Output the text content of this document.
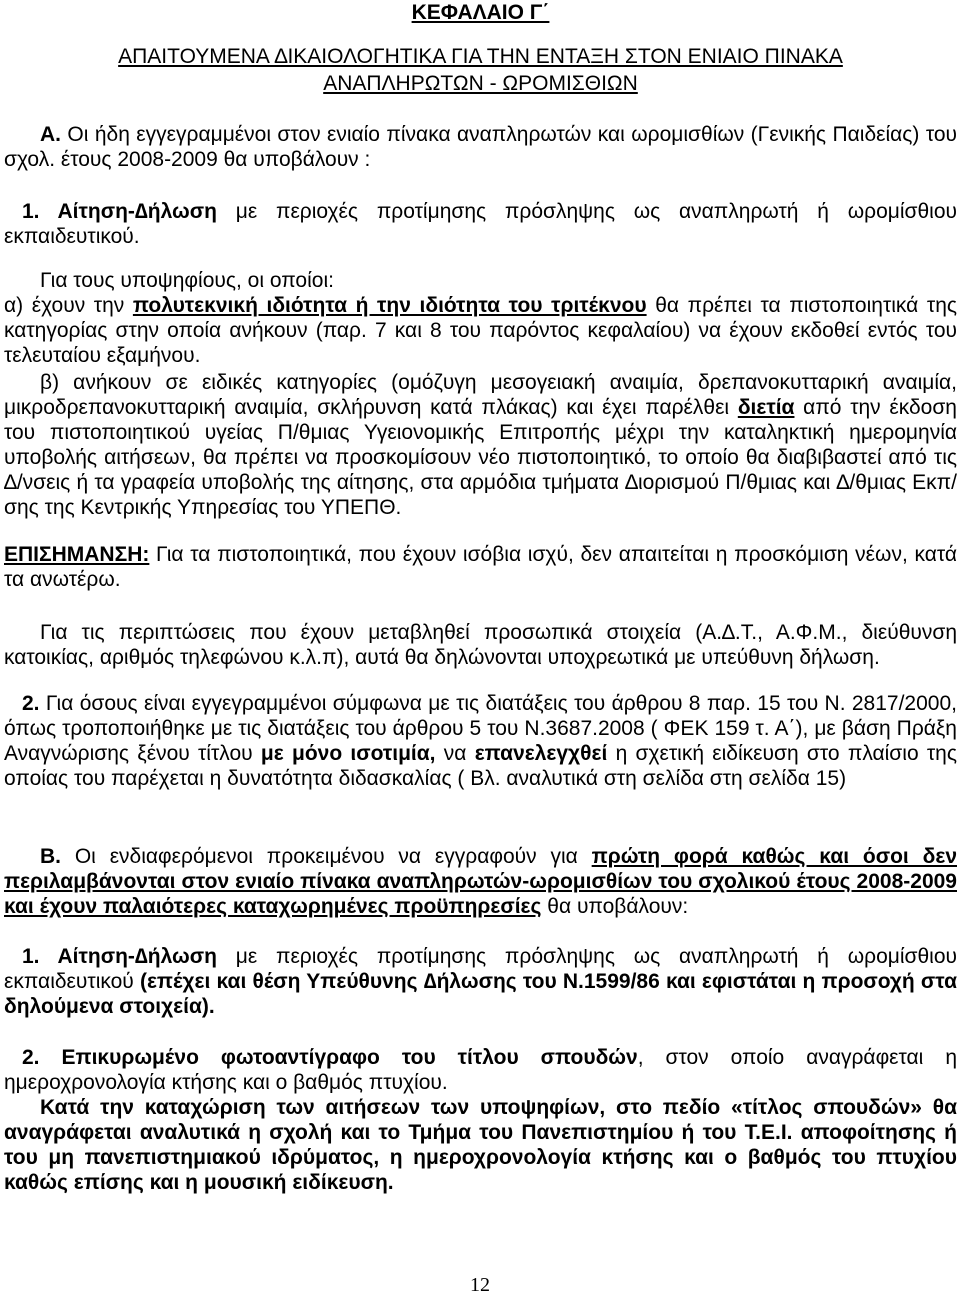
ΚΕΦΑΛΑΙΟ Γ΄

ΑΠΑΙΤΟΥΜΕΝΑ ∆ΙΚΑΙΟΛΟΓΗΤΙΚΑ ΓΙΑ ΤΗΝ ΕΝΤΑΞΗ ΣΤΟΝ ΕΝΙΑΙΟ ΠΙΝΑΚΑ
ΑΝΑΠΛΗΡΩΤΩΝ - ΩΡΟΜΙΣΘΙΩΝ

Α. Οι ήδη εγγεγραμμένοι στον ενιαίο πίνακα αναπληρωτών και ωρομισθίων (Γενικής Παιδείας) του σχολ. έτους 2008-2009 θα υποβάλουν :

1. Αίτηση-∆ήλωση με περιοχές προτίμησης πρόσληψης ως αναπληρωτή ή ωρομίσθιου εκπαιδευτικού.

Για τους υποψηφίους, οι οποίοι:

α) έχουν την πολυτεκνική ιδιότητα ή την ιδιότητα του τριτέκνου θα πρέπει τα πιστοποιητικά της κατηγορίας στην οποία ανήκουν (παρ. 7 και 8 του παρόντος κεφαλαίου) να έχουν εκδοθεί εντός του τελευταίου εξαμήνου.

β) ανήκουν σε ειδικές κατηγορίες (ομόζυγη μεσογειακή αναιμία, δρεπανοκυτταρική αναιμία, μικροδρεπανοκυτταρική αναιμία, σκλήρυνση κατά πλάκας) και έχει παρέλθει διετία από την έκδοση του πιστοποιητικού υγείας Π/θμιας Υγειονομικής Επιτροπής μέχρι την καταληκτική ημερομηνία υποβολής αιτήσεων, θα πρέπει να προσκομίσουν νέο πιστοποιητικό, το οποίο θα διαβιβαστεί από τις ∆/νσεις ή τα γραφεία υποβολής της αίτησης, στα αρμόδια τμήματα ∆ιορισμού Π/θμιας και ∆/θμιας Εκπ/σης της Κεντρικής Υπηρεσίας του ΥΠΕΠΘ.

ΕΠΙΣΗΜΑΝΣΗ: Για τα πιστοποιητικά, που έχουν ισόβια ισχύ, δεν απαιτείται η προσκόμιση νέων, κατά τα ανωτέρω.

Για τις περιπτώσεις που έχουν μεταβληθεί προσωπικά στοιχεία (Α.∆.Τ., Α.Φ.Μ., διεύθυνση κατοικίας, αριθμός τηλεφώνου κ.λ.π), αυτά θα δηλώνονται υποχρεωτικά με υπεύθυνη δήλωση.

2. Για όσους είναι εγγεγραμμένοι σύμφωνα με τις διατάξεις του άρθρου 8 παρ. 15 του Ν. 2817/2000, όπως τροποποιήθηκε με τις διατάξεις του άρθρου 5 του Ν.3687.2008 ( ΦΕΚ 159 τ. Α΄), με βάση Πράξη Αναγνώρισης ξένου τίτλου με μόνο ισοτιμία, να επανελεγχθεί η σχετική ειδίκευση στο πλαίσιο της οποίας του παρέχεται η δυνατότητα διδασκαλίας ( Βλ. αναλυτικά στη σελίδα στη σελίδα 15)

Β. Οι ενδιαφερόμενοι προκειμένου να εγγραφούν για πρώτη φορά καθώς και όσοι δεν περιλαμβάνονται στον ενιαίο πίνακα αναπληρωτών-ωρομισθίων του σχολικού έτους 2008-2009 και έχουν παλαιότερες καταχωρημένες προϋπηρεσίες θα υποβάλουν:

1. Αίτηση-∆ήλωση με περιοχές προτίμησης πρόσληψης ως αναπληρωτή ή ωρομίσθιου εκπαιδευτικού (επέχει και θέση Υπεύθυνης ∆ήλωσης του Ν.1599/86 και εφιστάται η προσοχή στα δηλούμενα στοιχεία).

2. Επικυρωμένο φωτοαντίγραφο του τίτλου σπουδών, στον οποίο αναγράφεται η ημεροχρονολογία κτήσης και ο βαθμός πτυχίου.

Κατά την καταχώριση των αιτήσεων των υποψηφίων, στο πεδίο «τίτλος σπουδών» θα αναγράφεται αναλυτικά η σχολή και το Τμήμα του Πανεπιστημίου ή του Τ.Ε.Ι. αποφοίτησης ή του μη πανεπιστημιακού ιδρύματος, η ημεροχρονολογία κτήσης και ο βαθμός του πτυχίου καθώς επίσης και η μουσική ειδίκευση.

12
